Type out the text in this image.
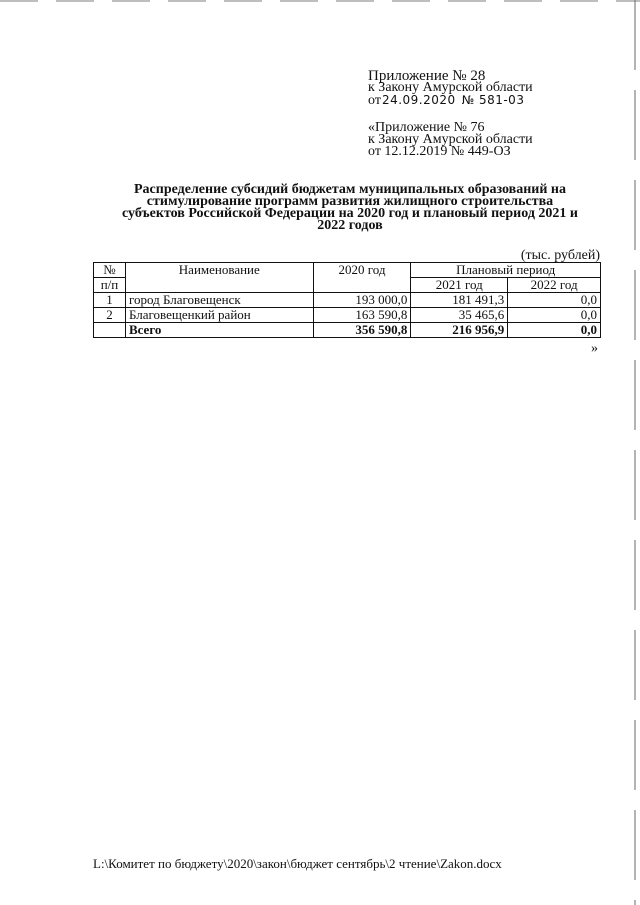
Приложение № 28
к Закону Амурской области
от24.09.2020 № 581-03
«Приложение № 76
к Закону Амурской области
от 12.12.2019 № 449-ОЗ
Распределение субсидий бюджетам муниципальных образований на
стимулирование программ развития жилищного строительства
субъектов Российской Федерации на 2020 год и плановый период 2021 и
2022 годов
(тыс. рублей)
№	Наименование	2020 год	Плановый период	
п/п			2021 год	2022 год
1	город Благовещенск	193 000,0	181 491,3	0,0
2	Благовещенкий район	163 590,8	35 465,6	0,0
	Всего	356 590,8	216 956,9	0,0
»
L:\Комитет по бюджету\2020\закон\бюджет сентябрь\2 чтение\Zakon.docx
